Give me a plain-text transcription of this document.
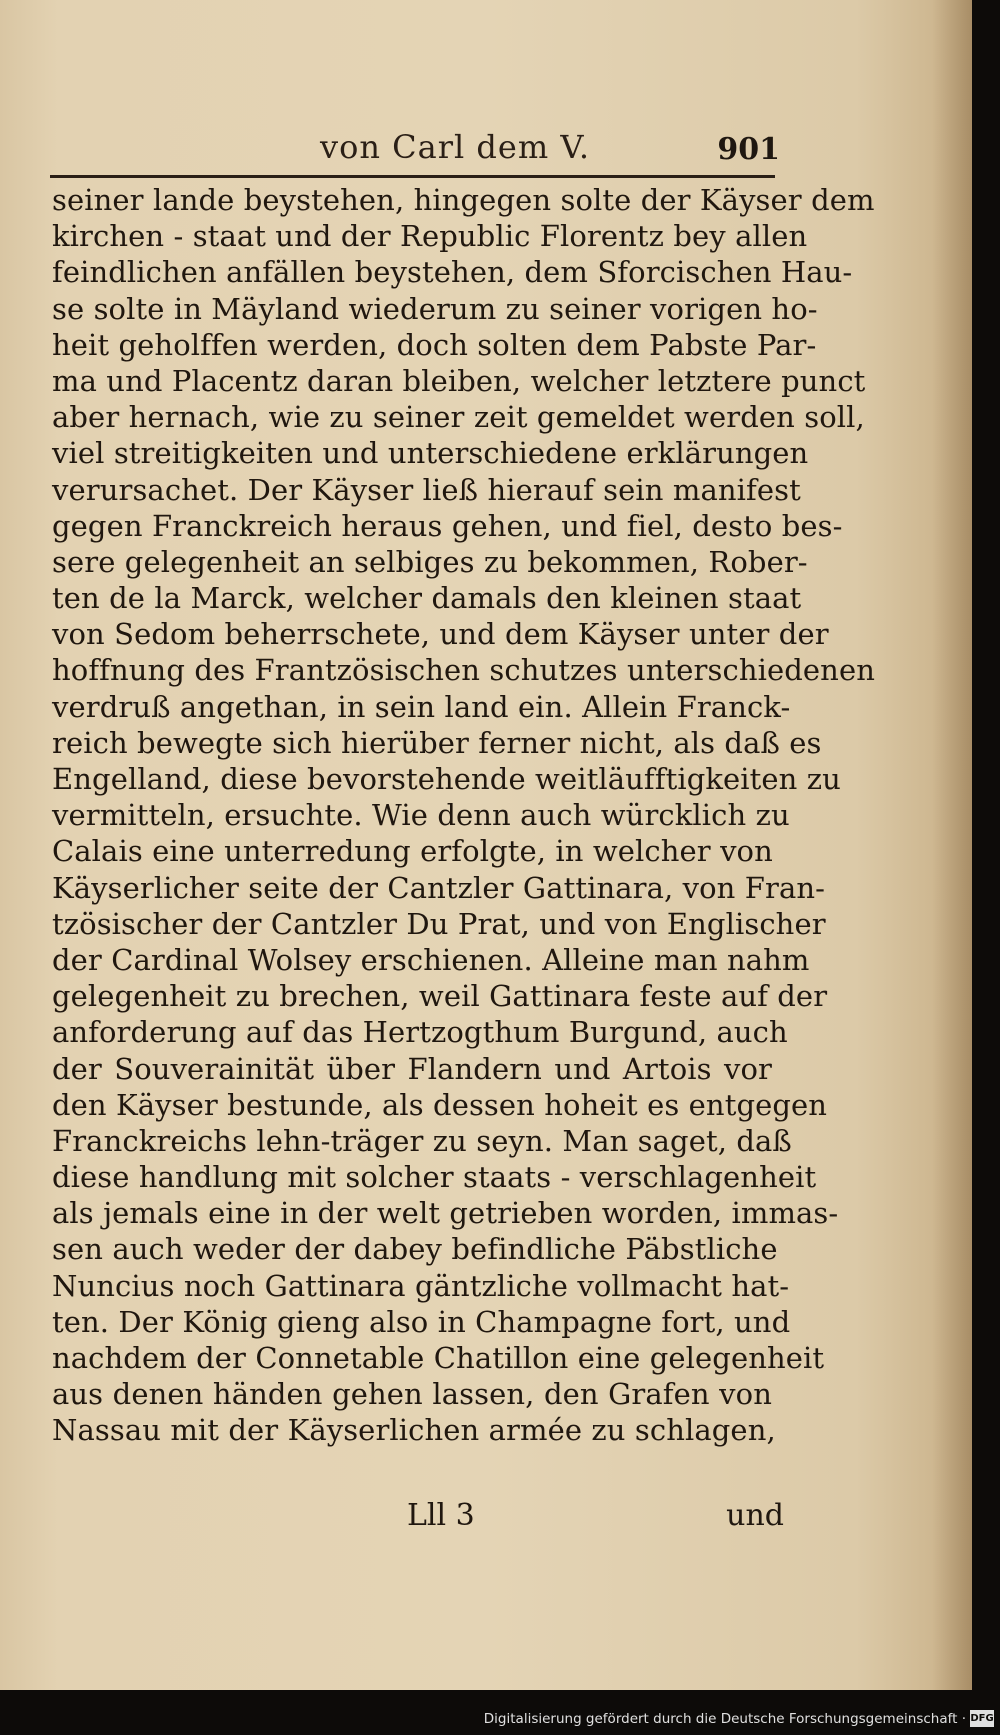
von Carl dem V.	901
seiner lande beystehen, hingegen solte der Käyser dem
kirchen - staat und der Republic Florentz bey allen
feindlichen anfällen beystehen, dem Sforcischen Hau-
se solte in Mäyland wiederum zu seiner vorigen ho-
heit geholffen werden, doch solten dem Pabste Par-
ma und Placentz daran bleiben, welcher letztere punct
aber hernach, wie zu seiner zeit gemeldet werden soll,
viel streitigkeiten und unterschiedene erklärungen
verursachet. Der Käyser ließ hierauf sein manifest
gegen Franckreich heraus gehen, und fiel, desto bes-
sere gelegenheit an selbiges zu bekommen, Rober-
ten de la Marck, welcher damals den kleinen staat
von Sedom beherrschete, und dem Käyser unter der
hoffnung des Frantzösischen schutzes unterschiedenen
verdruß angethan, in sein land ein. Allein Franck-
reich bewegte sich hierüber ferner nicht, als daß es
Engelland, diese bevorstehende weitläufftigkeiten zu
vermitteln, ersuchte. Wie denn auch würcklich zu
Calais eine unterredung erfolgte, in welcher von
Käyserlicher seite der Cantzler Gattinara, von Fran-
tzösischer der Cantzler Du Prat, und von Englischer
der Cardinal Wolsey erschienen. Alleine man nahm
gelegenheit zu brechen, weil Gattinara feste auf der
anforderung auf das Hertzogthum Burgund, auch
der Souverainität über Flandern und Artois vor
den Käyser bestunde, als dessen hoheit es entgegen
Franckreichs lehn-träger zu seyn. Man saget, daß
diese handlung mit solcher staats - verschlagenheit
als jemals eine in der welt getrieben worden, immas-
sen auch weder der dabey befindliche Päbstliche
Nuncius noch Gattinara gäntzliche vollmacht hat-
ten. Der König gieng also in Champagne fort, und
nachdem der Connetable Chatillon eine gelegenheit
aus denen händen gehen lassen, den Grafen von
Nassau mit der Käyserlichen armée zu schlagen,
Lll 3	und
Digitalisierung gefördert durch die Deutsche Forschungsgemeinschaft · DFG
